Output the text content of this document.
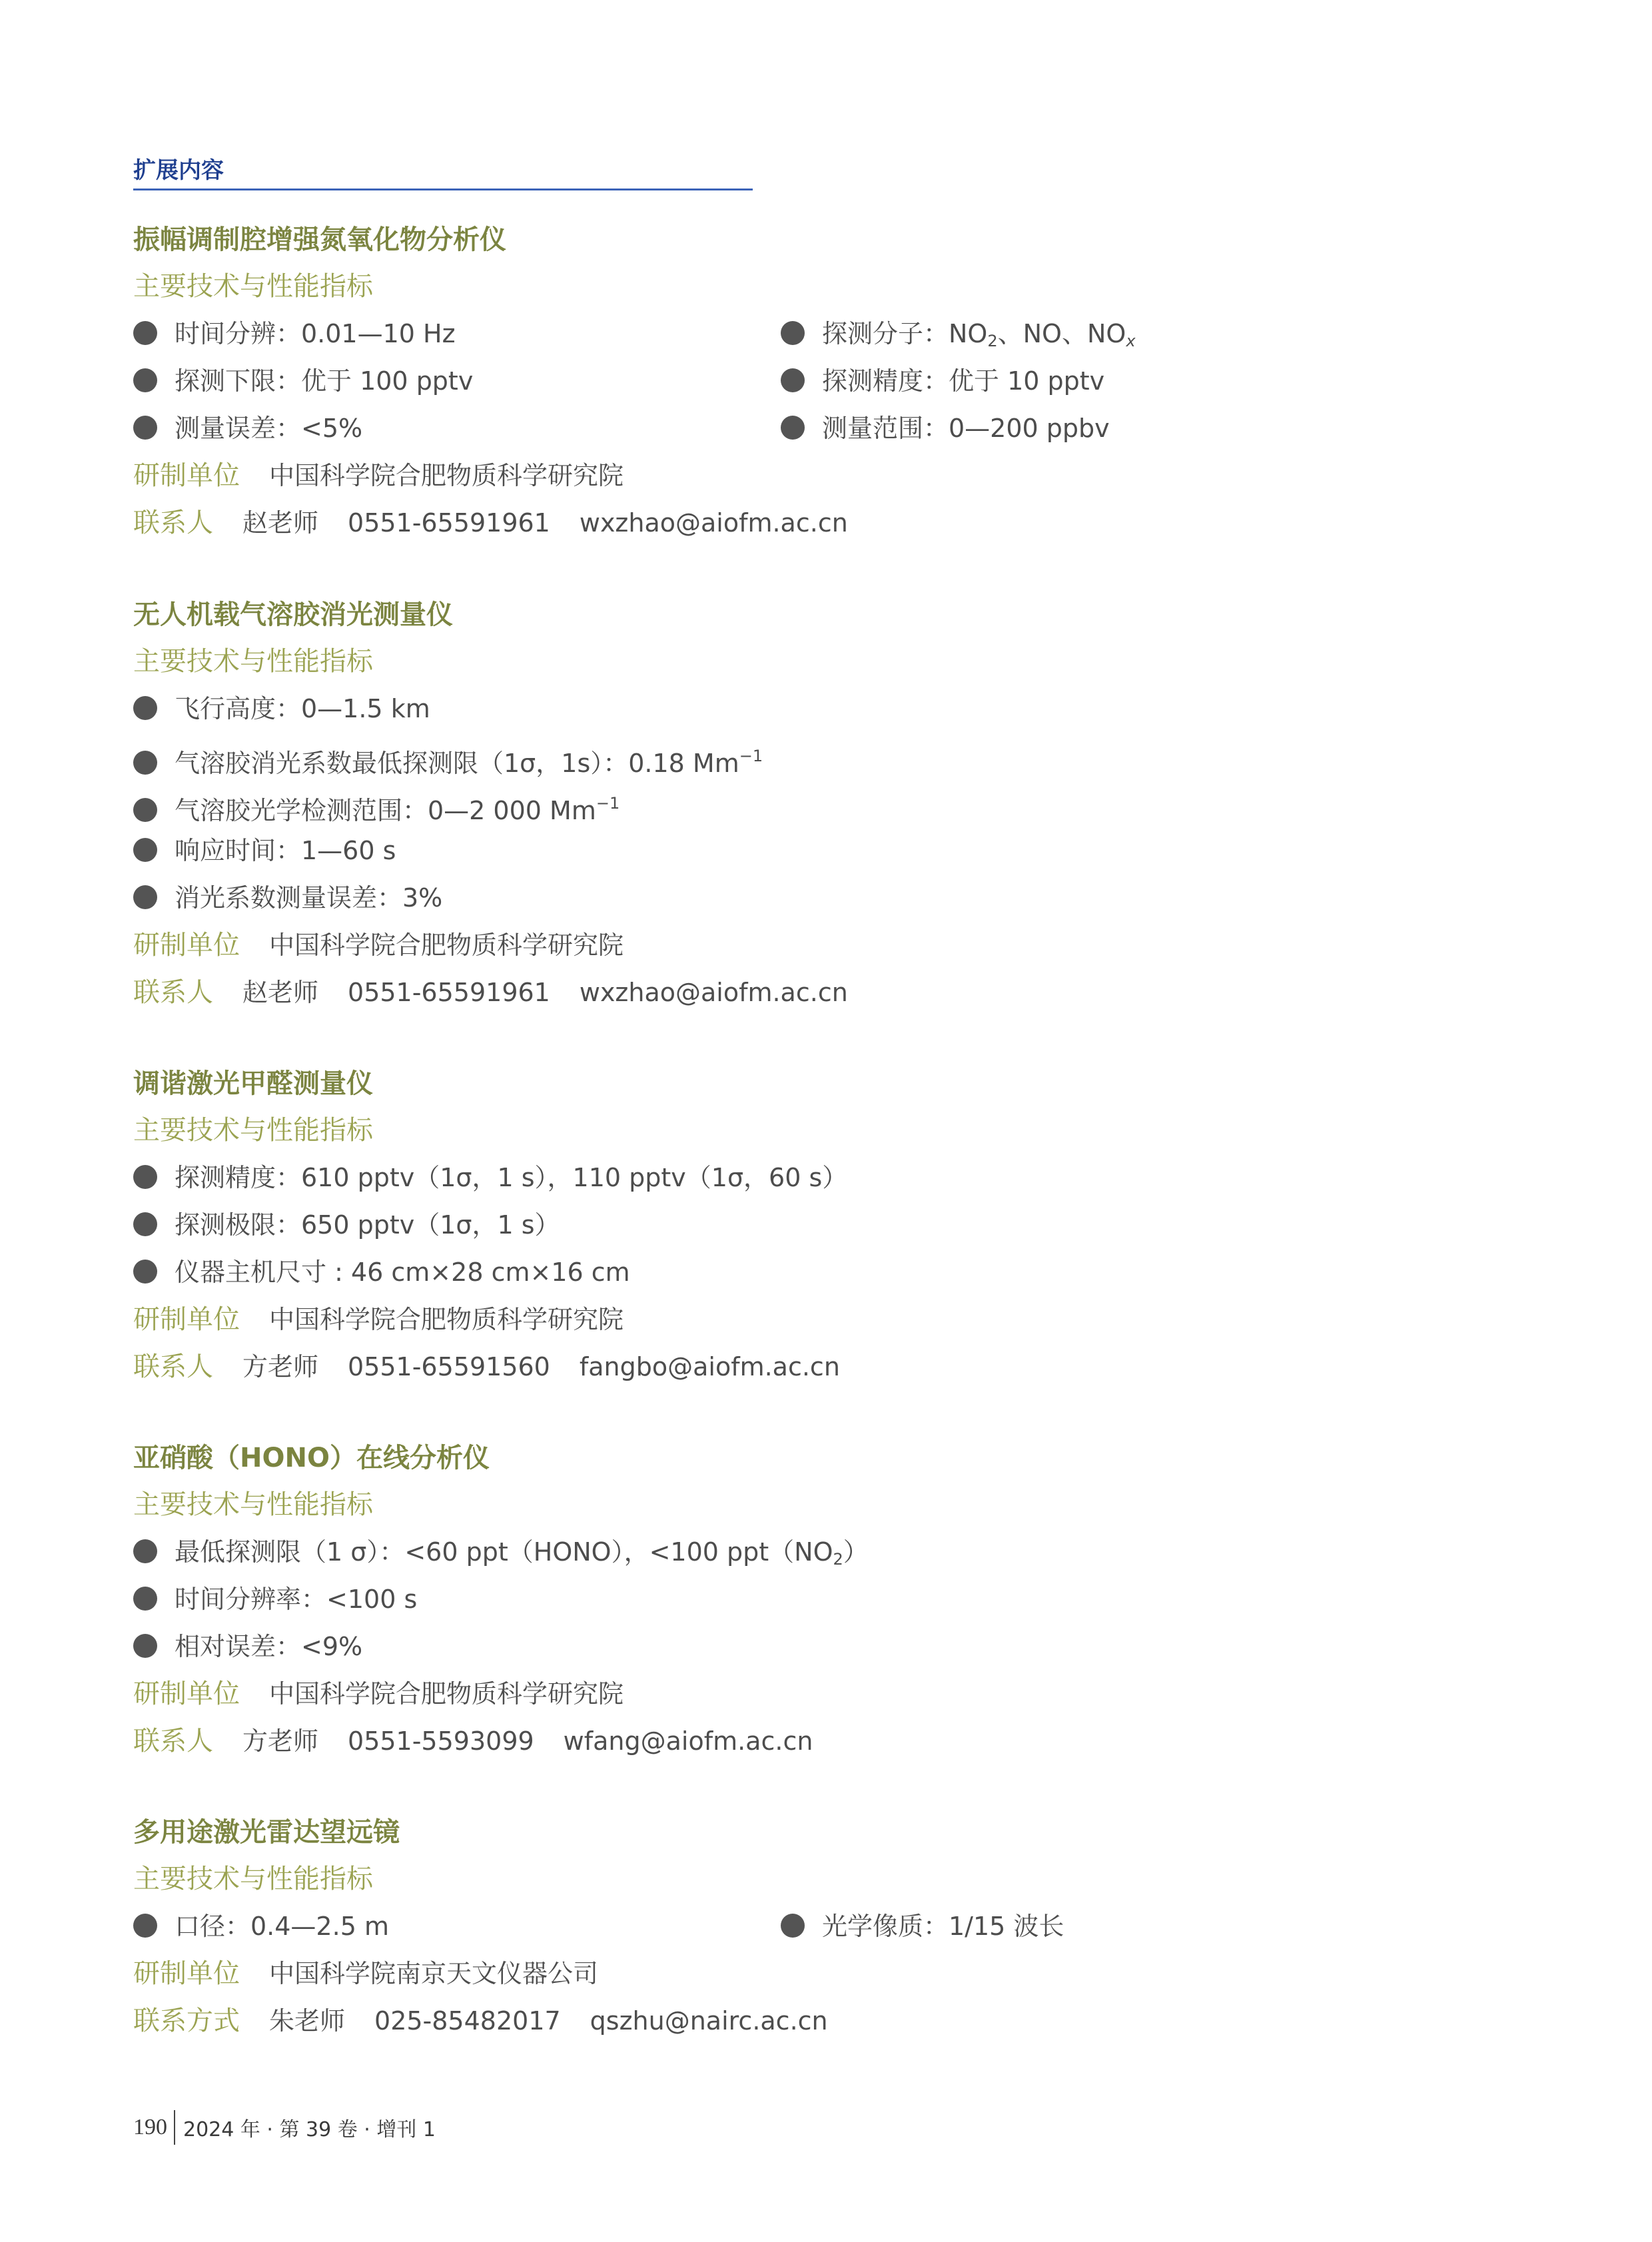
扩展内容
振幅调制腔增强氮氧化物分析仪
主要技术与性能指标
时间分辨：0.01—10 Hz	探测分子：$NO_2$、NO、$NO_x$
探测下限：优于 100 pptv	探测精度：优于 10 pptv
测量误差：<5%	测量范围：0—200 ppbv
研制单位 中国科学院合肥物质科学研究院
联系人 赵老师 0551-65591961 wxzhao@aiofm.ac.cn
无人机载气溶胶消光测量仪
主要技术与性能指标
飞行高度：0—1.5 km
气溶胶消光系数最低探测限（1σ，1s）：0.18 $Mm^{-1}$
气溶胶光学检测范围：0—2 000 $Mm^{-1}$
响应时间：1—60 s
消光系数测量误差：3%
研制单位 中国科学院合肥物质科学研究院
联系人 赵老师 0551-65591961 wxzhao@aiofm.ac.cn
调谐激光甲醛测量仪
主要技术与性能指标
探测精度：610 pptv（1σ，1 s），110 pptv（1σ，60 s）
探测极限：650 pptv（1σ，1 s）
仪器主机尺寸 : 46 cm×28 cm×16 cm
研制单位 中国科学院合肥物质科学研究院
联系人 方老师 0551-65591560 fangbo@aiofm.ac.cn
亚硝酸（HONO）在线分析仪
主要技术与性能指标
最低探测限（1 σ）：<60 ppt（HONO），<100 $ppt(NO_2)$
时间分辨率：<100 s
相对误差：<9%
研制单位 中国科学院合肥物质科学研究院
联系人 方老师 0551-5593099 wfang@aiofm.ac.cn
多用途激光雷达望远镜
主要技术与性能指标
口径：0.4—2.5 m	光学像质：1/15 波长
研制单位 中国科学院南京天文仪器公司
联系方式 朱老师 025-85482017 qszhu@nairc.ac.cn
190 2024 年 · 第 39 卷 · 增刊 1
